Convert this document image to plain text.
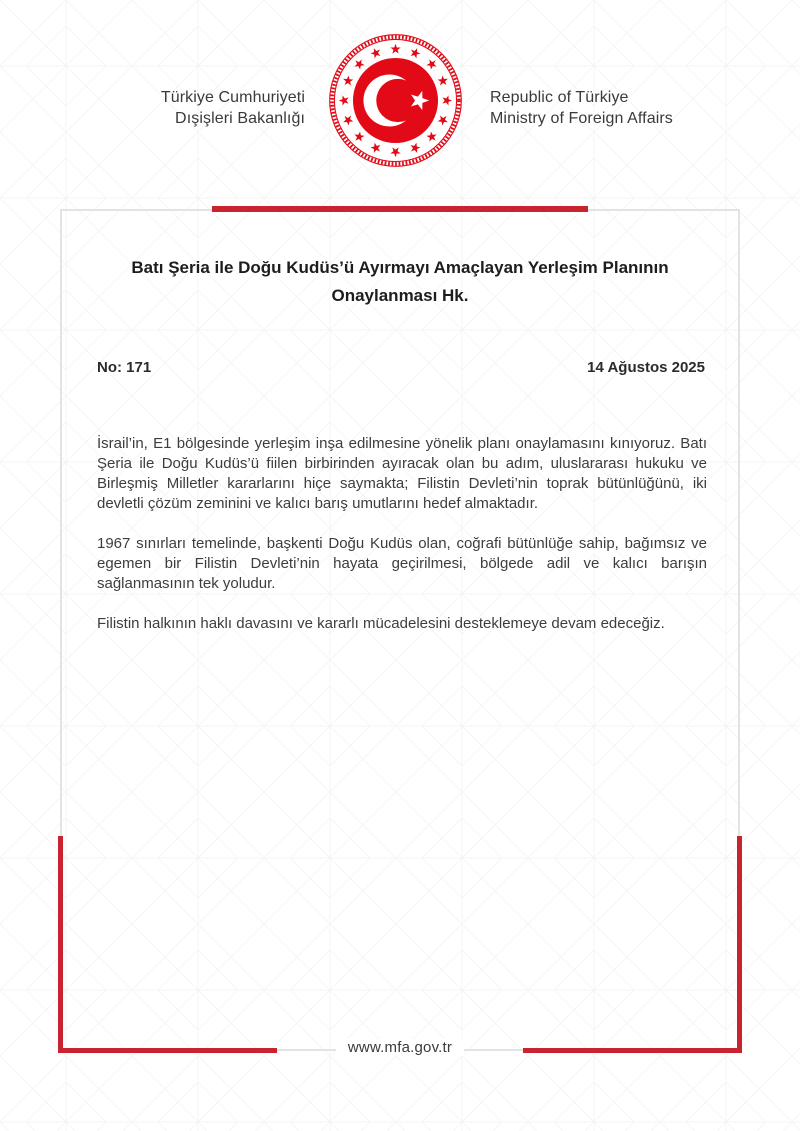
Türkiye Cumhuriyeti
Dışişleri Bakanlığı
Republic of Türkiye
Ministry of Foreign Affairs
Batı Şeria ile Doğu Kudüs’ü Ayırmayı Amaçlayan Yerleşim Planının
Onaylanması Hk.
No: 171	14 Ağustos 2025

İsrail’in, E1 bölgesinde yerleşim inşa edilmesine yönelik planı onaylamasını kınıyoruz. Batı Şeria ile Doğu Kudüs’ü fiilen birbirinden ayıracak olan bu adım, uluslararası hukuku ve Birleşmiş Milletler kararlarını hiçe saymakta; Filistin Devleti’nin toprak bütünlüğünü, iki devletli çözüm zeminini ve kalıcı barış umutlarını hedef almaktadır.

1967 sınırları temelinde, başkenti Doğu Kudüs olan, coğrafi bütünlüğe sahip, bağımsız ve egemen bir Filistin Devleti’nin hayata geçirilmesi, bölgede adil ve kalıcı barışın sağlanmasının tek yoludur.

Filistin halkının haklı davasını ve kararlı mücadelesini desteklemeye devam edeceğiz.

www.mfa.gov.tr
